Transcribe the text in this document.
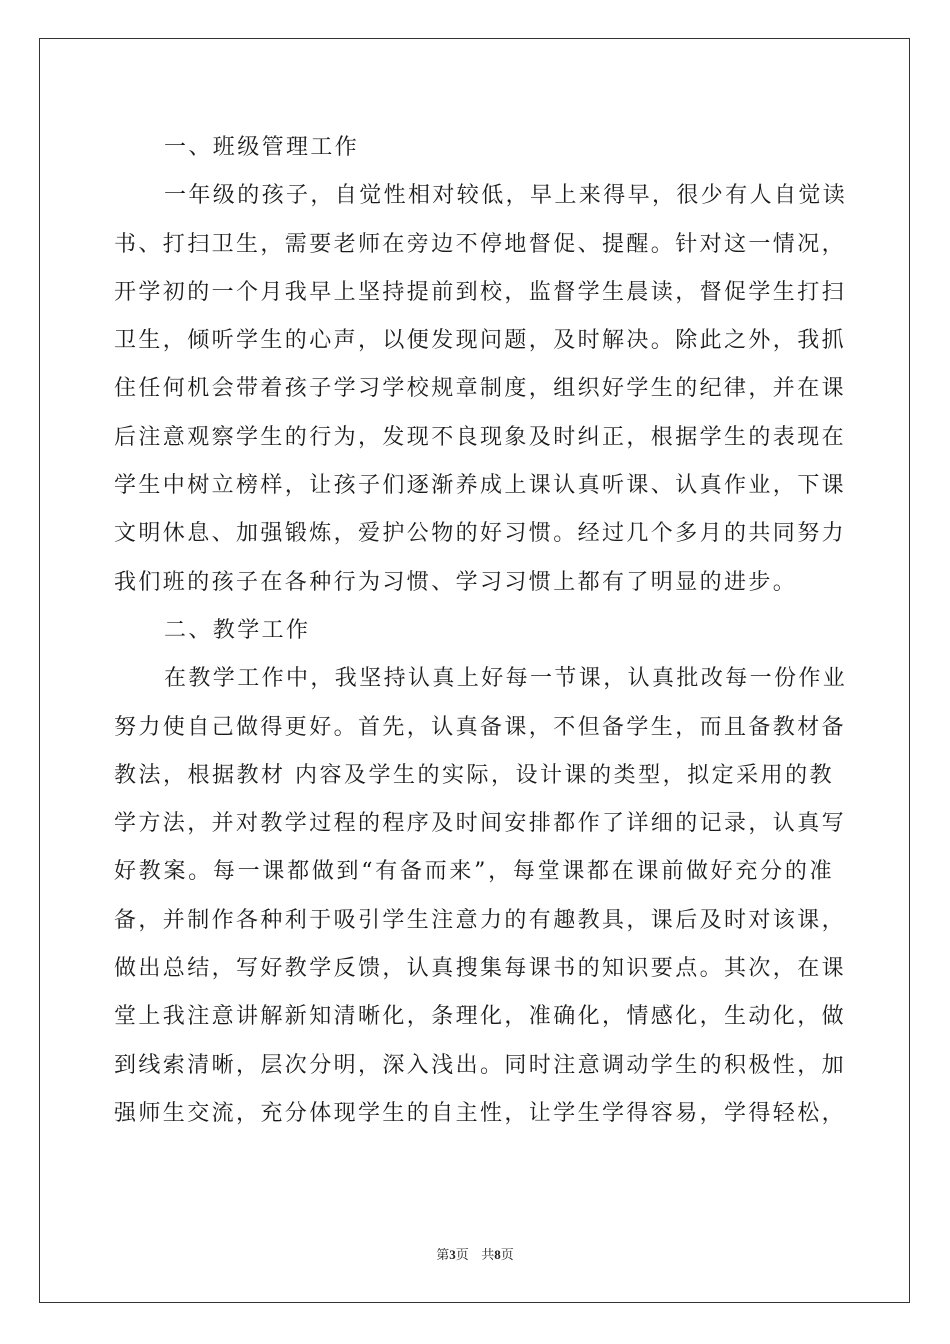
一、班级管理工作
一年级的孩子，自觉性相对较低，早上来得早，很少有人自觉读
书、打扫卫生，需要老师在旁边不停地督促、提醒。针对这一情况，
开学初的一个月我早上坚持提前到校，监督学生晨读，督促学生打扫
卫生，倾听学生的心声，以便发现问题，及时解决。除此之外，我抓
住任何机会带着孩子学习学校规章制度，组织好学生的纪律，并在课
后注意观察学生的行为，发现不良现象及时纠正，根据学生的表现在
学生中树立榜样，让孩子们逐渐养成上课认真听课、认真作业，下课
文明休息、加强锻炼，爱护公物的好习惯。经过几个多月的共同努力
我们班的孩子在各种行为习惯、学习习惯上都有了明显的进步。
二、教学工作
在教学工作中，我坚持认真上好每一节课，认真批改每一份作业
努力使自己做得更好。首先，认真备课，不但备学生，而且备教材备
教法，根据教材 内容及学生的实际，设计课的类型，拟定采用的教
学方法，并对教学过程的程序及时间安排都作了详细的记录，认真写
好教案。每一课都做到“有备而来”，每堂课都在课前做好充分的准
备，并制作各种利于吸引学生注意力的有趣教具，课后及时对该课，
做出总结，写好教学反馈，认真搜集每课书的知识要点。其次，在课
堂上我注意讲解新知清晰化，条理化，准确化，情感化，生动化，做
到线索清晰，层次分明，深入浅出。同时注意调动学生的积极性，加
强师生交流，充分体现学生的自主性，让学生学得容易，学得轻松，
第3页   共8页
